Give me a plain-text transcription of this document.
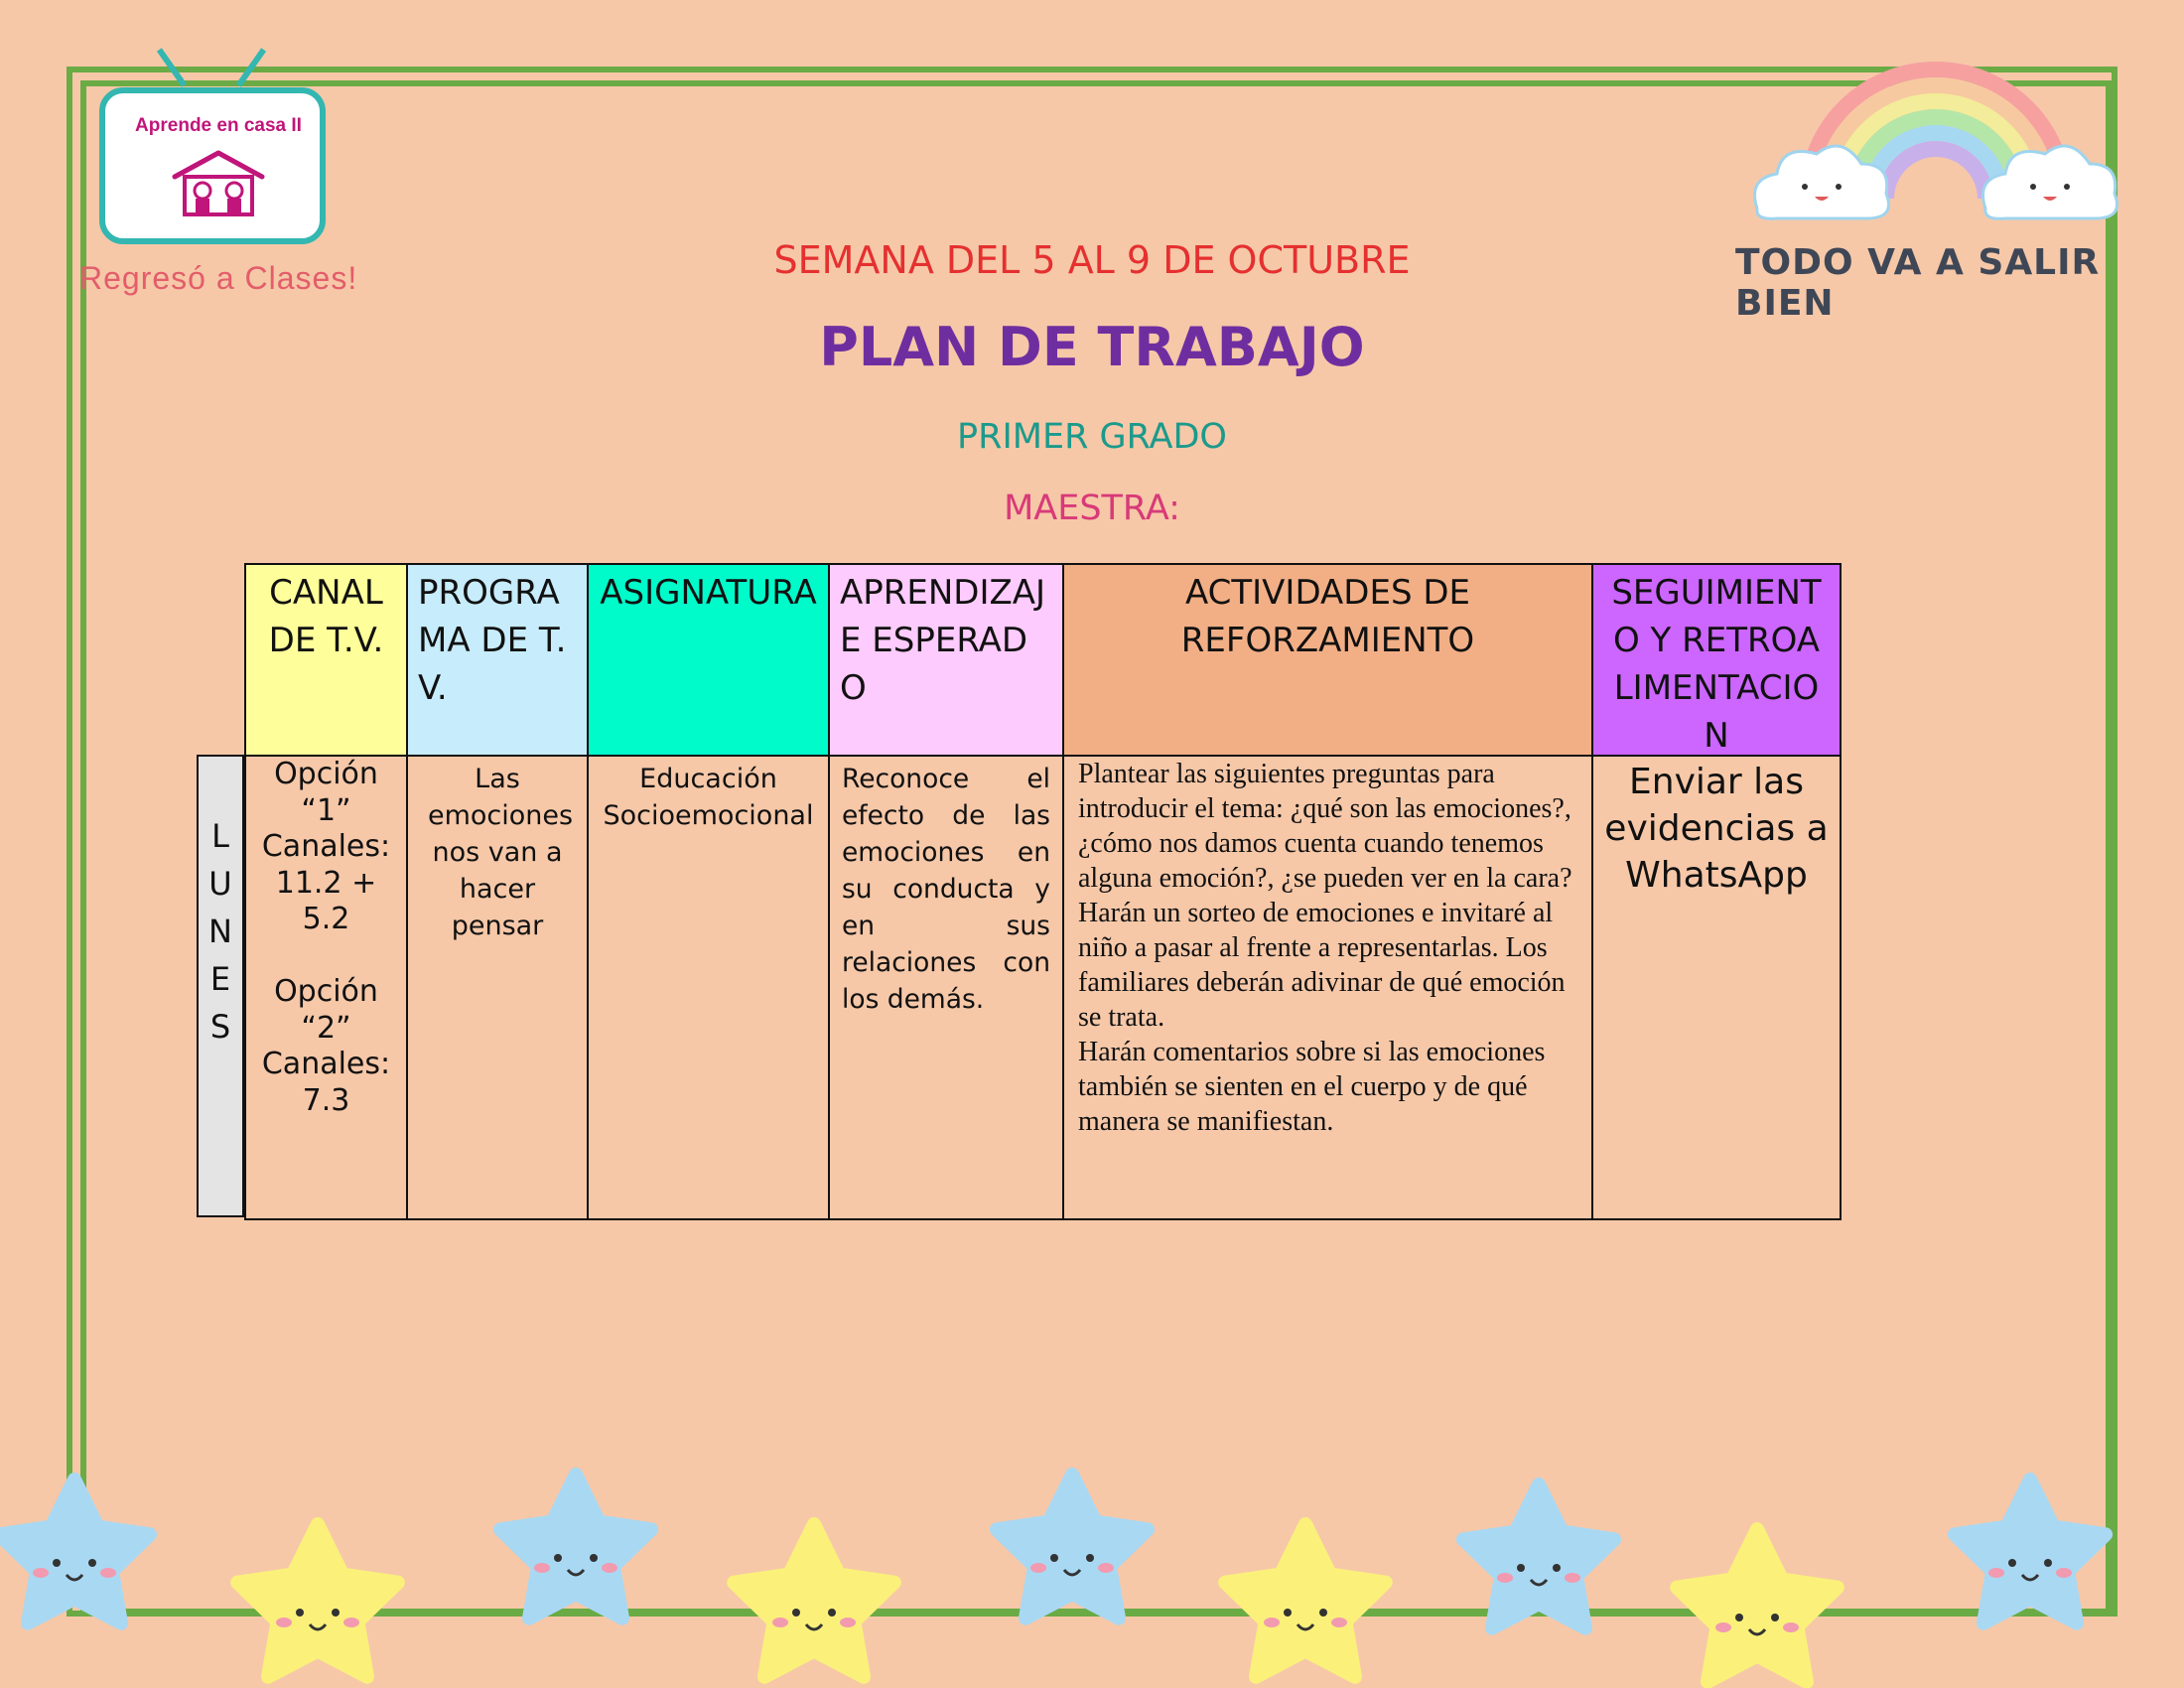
Aprende en casa II
Regresó a Clases!	TODO VA A SALIR BIEN
SEMANA DEL 5 AL 9 DE OCTUBRE
PLAN DE TRABAJO
PRIMER GRADO
MAESTRA:
CANAL DE T.V.
PROGRAMA DE T.V.
ASIGNATURA APRENDIZAJE ESPERADO
ACTIVIDADES DE REFORZAMIENTO
SEGUIMIENTO Y RETROALIMENTACION
LUNES
Opción
“1”
Canales:
11.2 +
5.2

Opción
“2”
Canales:
7.3
Las emociones nos van a hacer pensar
Educación Socioemocional
Reconoce el efecto de las emociones en su conducta y en sus relaciones con los demás.
Plantear las siguientes preguntas para introducir el tema: ¿qué son las emociones?, ¿cómo nos damos cuenta cuando tenemos alguna emoción?, ¿se pueden ver en la cara?
Harán un sorteo de emociones e invitaré al niño a pasar al frente a representarlas. Los familiares deberán adivinar de qué emoción se trata.
Harán comentarios sobre si las emociones también se sienten en el cuerpo y de qué manera se manifiestan.
Enviar las evidencias a WhatsApp
